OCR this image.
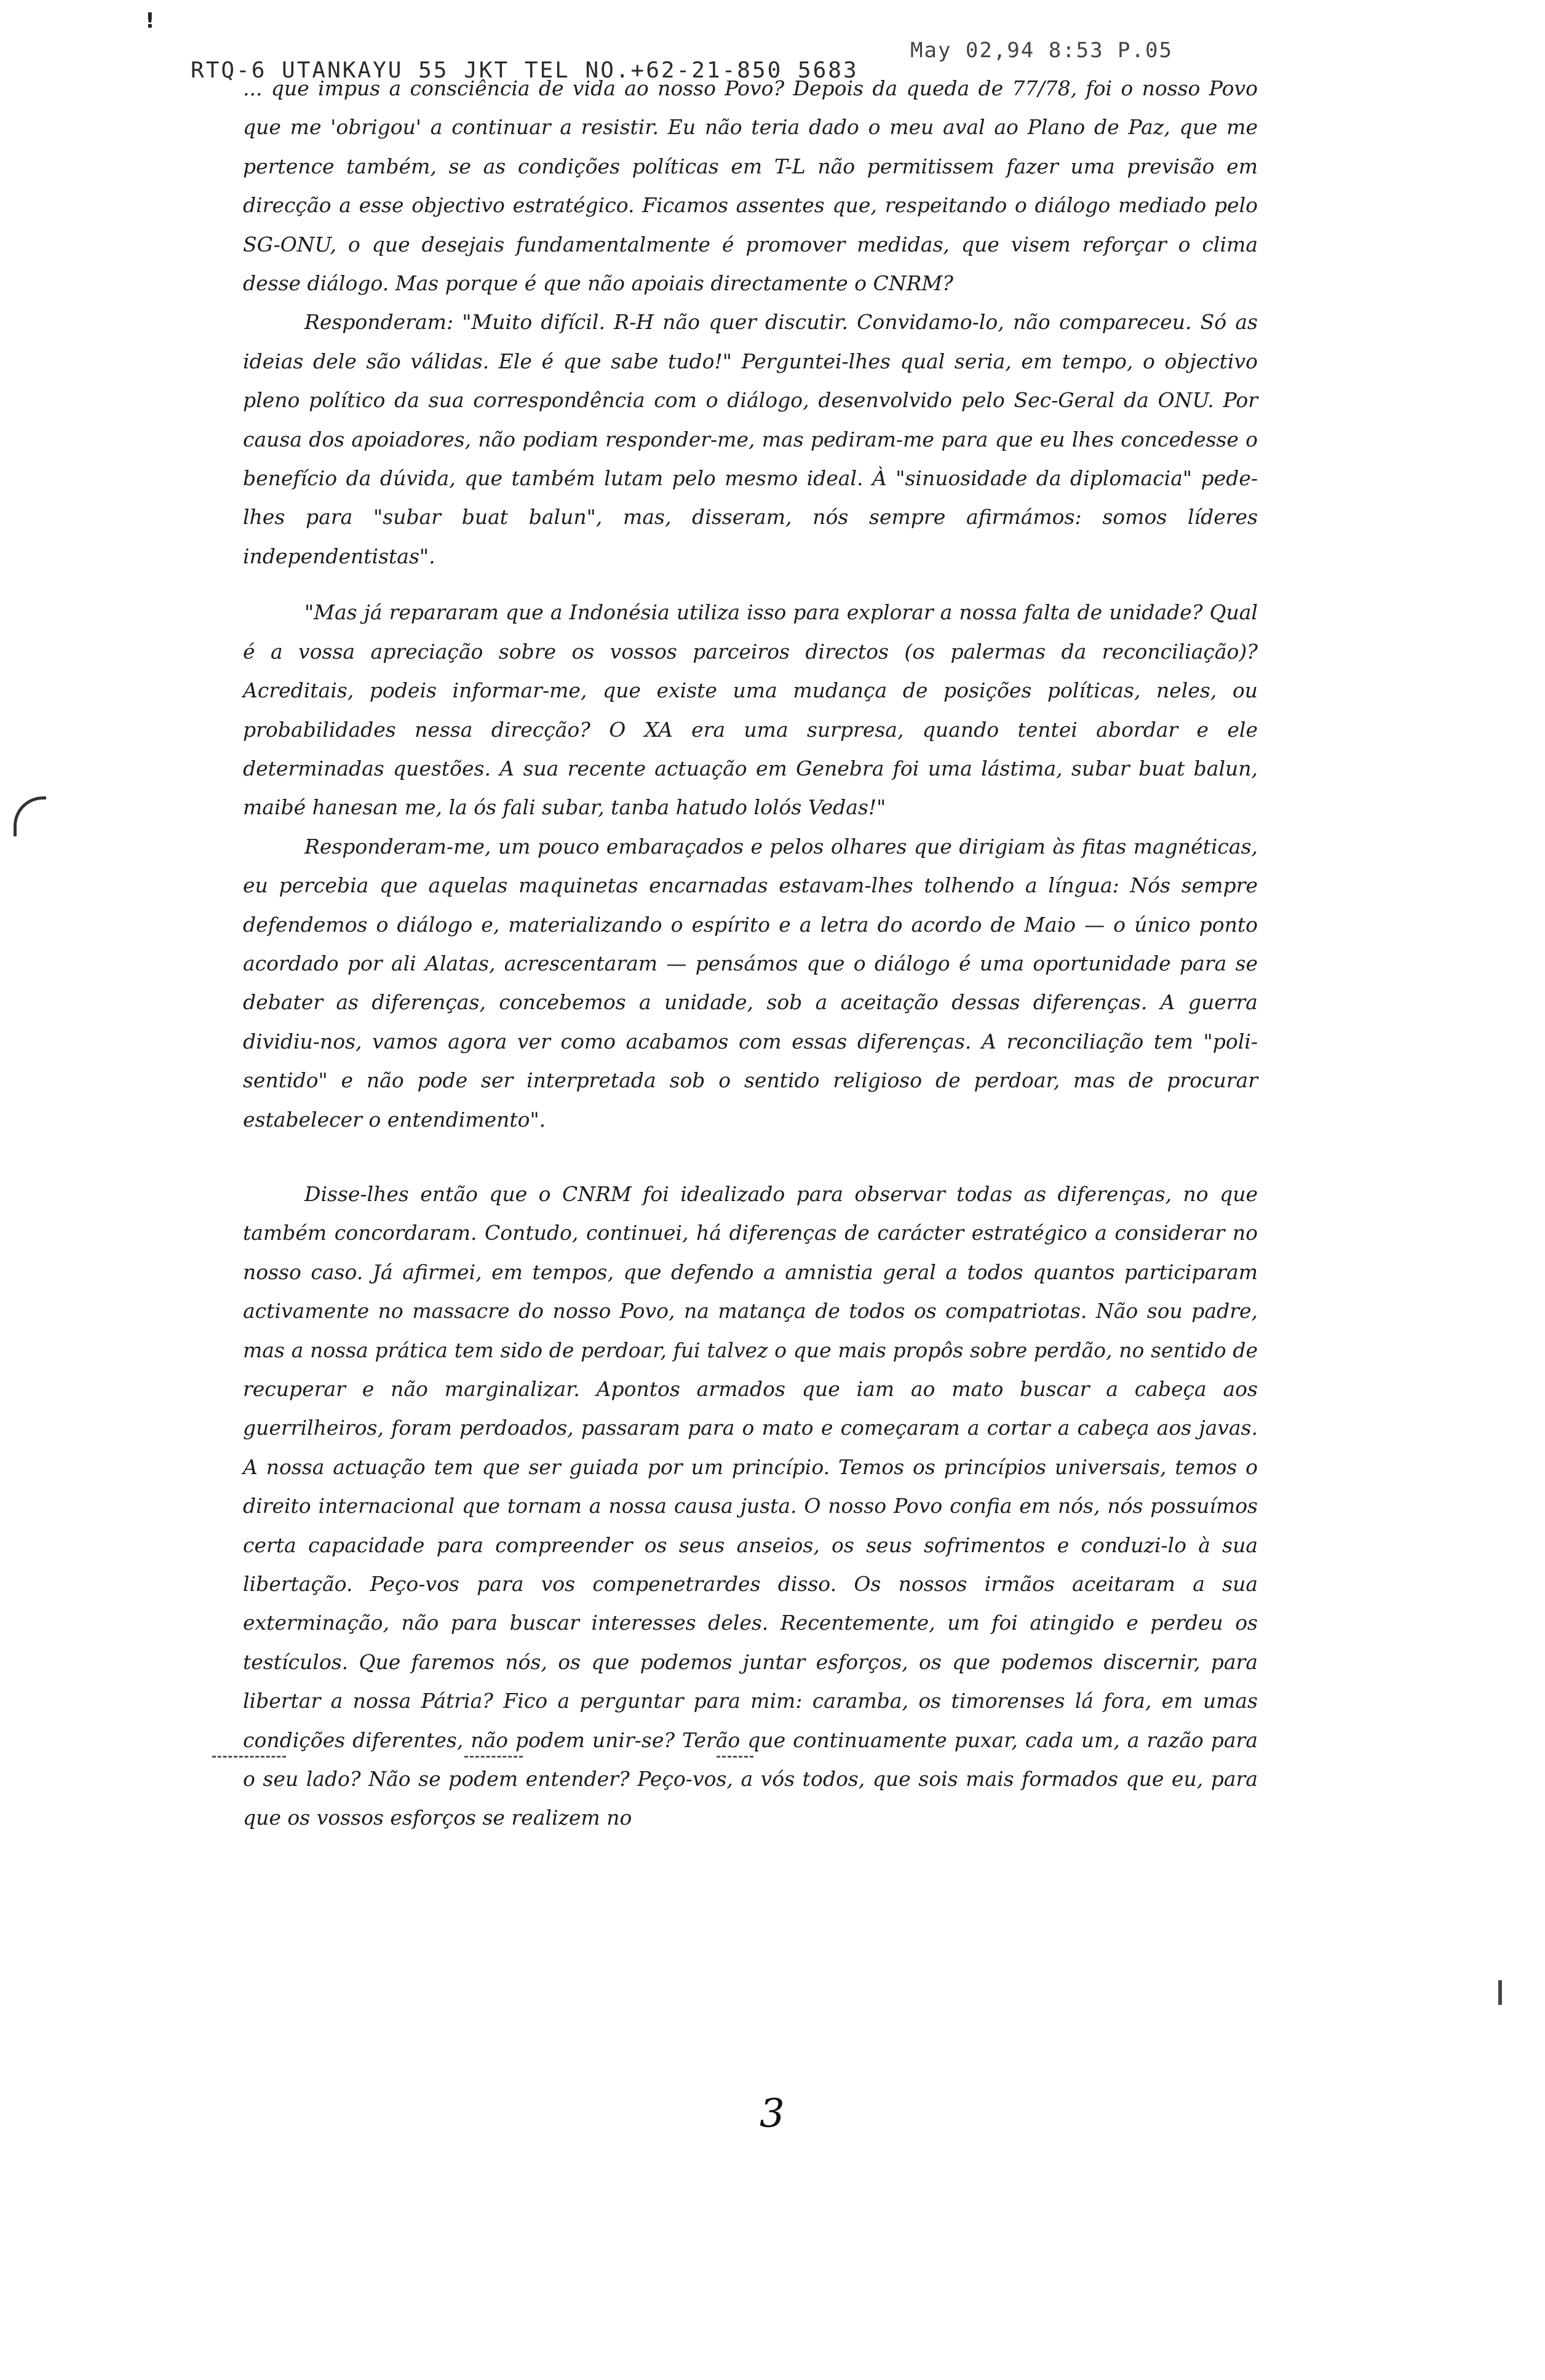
!
RTQ-6 UTANKAYU 55 JKT TEL NO.+62-21-850 5683
May 02,94 8:53 P.05

... que impus a consciência de vida ao nosso Povo? Depois da queda de 77/78, foi o nosso Povo que me 'obrigou' a continuar a resistir. Eu não teria dado o meu aval ao Plano de Paz, que me pertence também, se as condições políticas em T-L não permitissem fazer uma previsão em direcção a esse objectivo estratégico. Ficamos assentes que, respeitando o diálogo mediado pelo SG-ONU, o que desejais fundamentalmente é promover medidas, que visem reforçar o clima desse diálogo. Mas porque é que não apoiais directamente o CNRM?

Responderam: "Muito difícil. R-H não quer discutir. Convidamo-lo, não compareceu. Só as ideias dele são válidas. Ele é que sabe tudo!" Perguntei-lhes qual seria, em tempo, o objectivo pleno político da sua correspondência com o diálogo, desenvolvido pelo Sec-Geral da ONU. Por causa dos apoiadores, não podiam responder-me, mas pediram-me para que eu lhes concedesse o benefício da dúvida, que também lutam pelo mesmo ideal. À "sinuosidade da diplomacia" pede-lhes para "subar buat balun", mas, disseram, nós sempre afirmámos: somos líderes independentistas".

"Mas já repararam que a Indonésia utiliza isso para explorar a nossa falta de unidade? Qual é a vossa apreciação sobre os vossos parceiros directos (os palermas da reconciliação)? Acreditais, podeis informar-me, que existe uma mudança de posições políticas, neles, ou probabilidades nessa direcção? O XA era uma surpresa, quando tentei abordar e ele determinadas questões. A sua recente actuação em Genebra foi uma lástima, subar buat balun, maibé hanesan me, la ós fali subar, tanba hatudo lolós Vedas!"

Responderam-me, um pouco embaraçados e pelos olhares que dirigiam às fitas magnéticas, eu percebia que aquelas maquinetas encarnadas estavam-lhes tolhendo a língua: Nós sempre defendemos o diálogo e, materializando o espírito e a letra do acordo de Maio — o único ponto acordado por ali Alatas, acrescentaram — pensámos que o diálogo é uma oportunidade para se debater as diferenças, concebemos a unidade, sob a aceitação dessas diferenças. A guerra dividiu-nos, vamos agora ver como acabamos com essas diferenças. A reconciliação tem "poli-sentido" e não pode ser interpretada sob o sentido religioso de perdoar, mas de procurar estabelecer o entendimento".

Disse-lhes então que o CNRM foi idealizado para observar todas as diferenças, no que também concordaram. Contudo, continuei, há diferenças de carácter estratégico a considerar no nosso caso. Já afirmei, em tempos, que defendo a amnistia geral a todos quantos participaram activamente no massacre do nosso Povo, na matança de todos os compatriotas. Não sou padre, mas a nossa prática tem sido de perdoar, fui talvez o que mais propôs sobre perdão, no sentido de recuperar e não marginalizar. Apontos armados que iam ao mato buscar a cabeça aos guerrilheiros, foram perdoados, passaram para o mato e começaram a cortar a cabeça aos javas. A nossa actuação tem que ser guiada por um princípio. Temos os princípios universais, temos o direito internacional que tornam a nossa causa justa. O nosso Povo confia em nós, nós possuímos certa capacidade para compreender os seus anseios, os seus sofrimentos e conduzi-lo à sua libertação. Peço-vos para vos compenetrardes disso. Os nossos irmãos aceitaram a sua exterminação, não para buscar interesses deles. Recentemente, um foi atingido e perdeu os testículos. Que faremos nós, os que podemos juntar esforços, os que podemos discernir, para libertar a nossa Pátria? Fico a perguntar para mim: caramba, os timorenses lá fora, em umas condições diferentes, não podem unir-se? Terão que continuamente puxar, cada um, a razão para o seu lado? Não se podem entender? Peço-vos, a vós todos, que sois mais formados que eu, para que os vossos esforços se realizem no

3
